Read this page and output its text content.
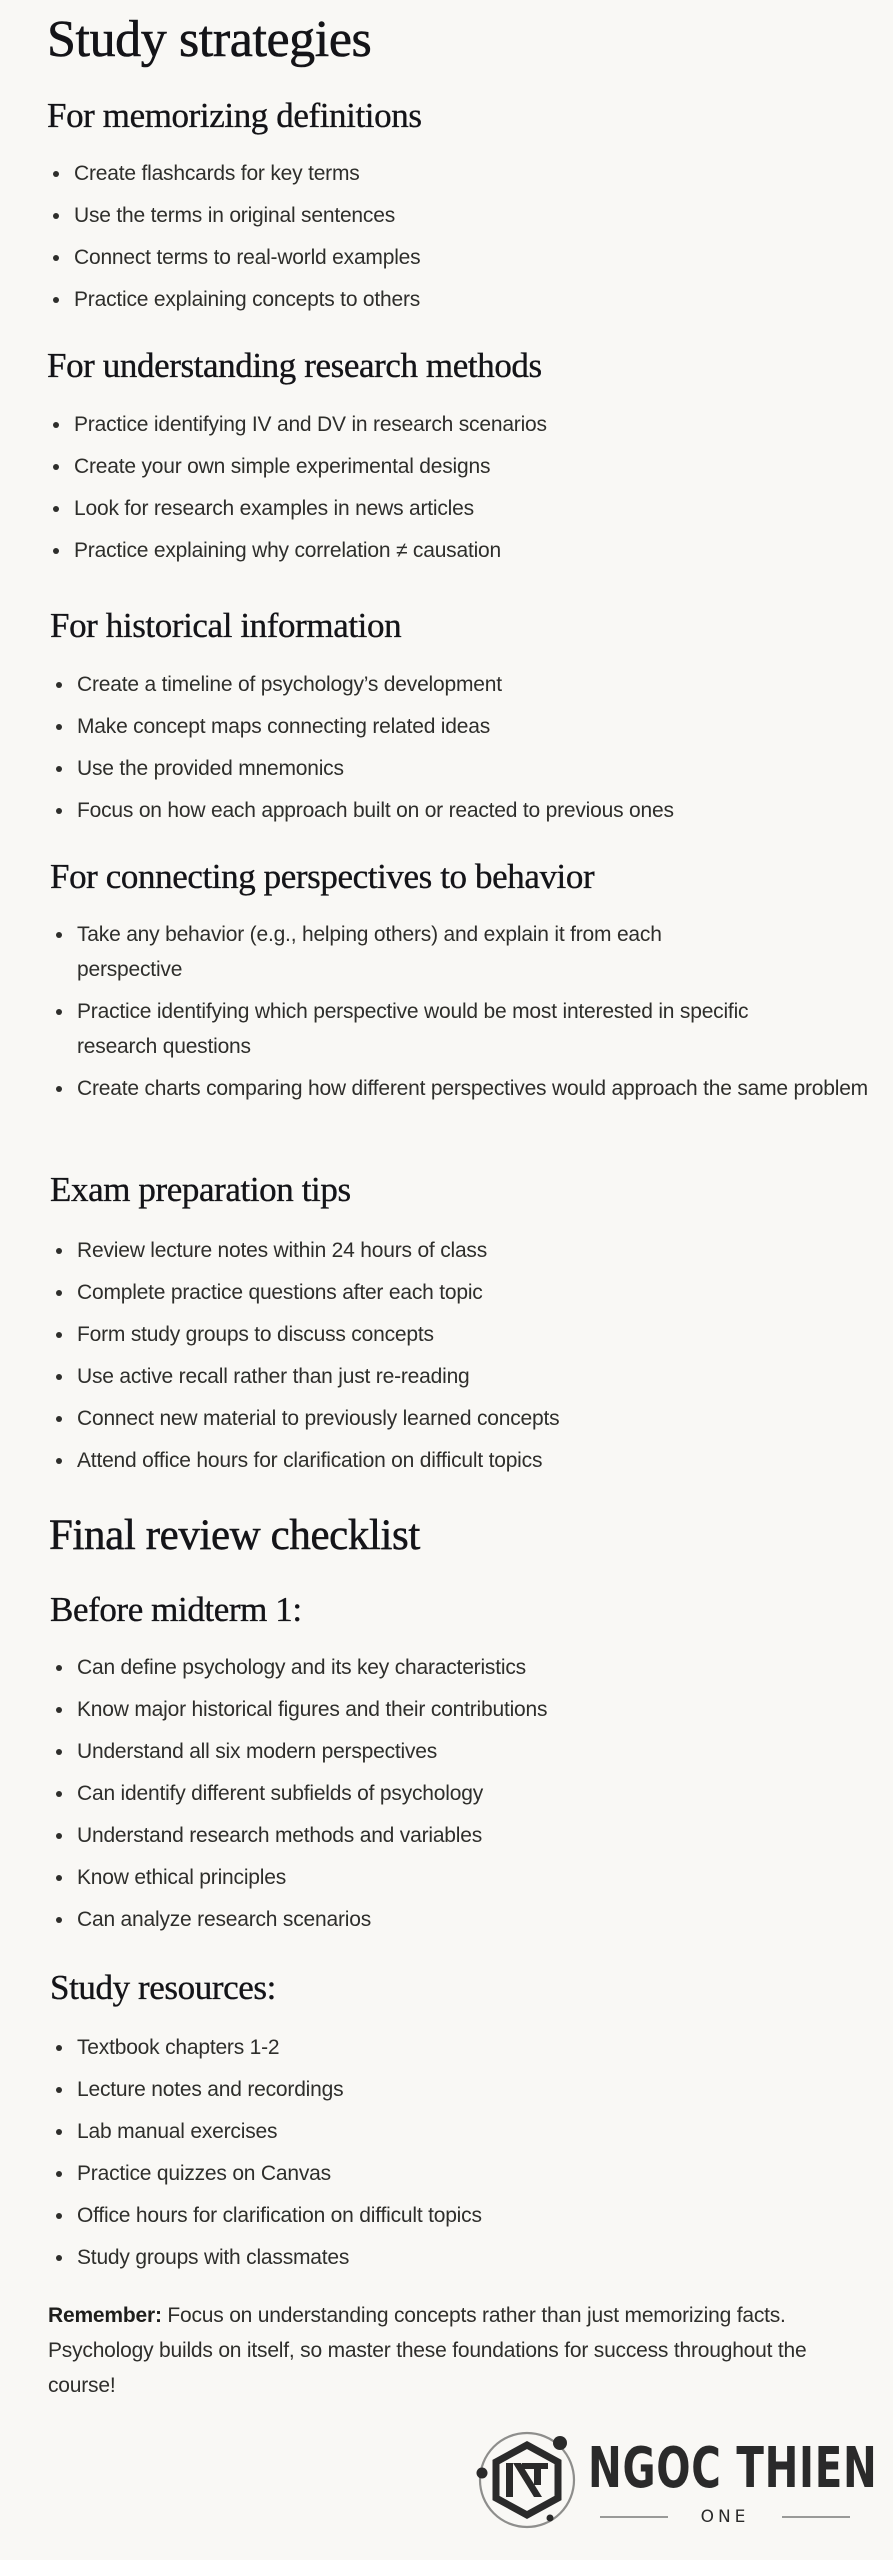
Study strategies
For memorizing definitions
Create flashcards for key terms
Use the terms in original sentences
Connect terms to real-world examples
Practice explaining concepts to others
For understanding research methods
Practice identifying IV and DV in research scenarios
Create your own simple experimental designs
Look for research examples in news articles
Practice explaining why correlation ≠ causation
For historical information
Create a timeline of psychology’s development
Make concept maps connecting related ideas
Use the provided mnemonics
Focus on how each approach built on or reacted to previous ones
For connecting perspectives to behavior
Take any behavior (e.g., helping others) and explain it from each perspective
Practice identifying which perspective would be most interested in specific research questions
Create charts comparing how different perspectives would approach the same problem
Exam preparation tips
Review lecture notes within 24 hours of class
Complete practice questions after each topic
Form study groups to discuss concepts
Use active recall rather than just re-reading
Connect new material to previously learned concepts
Attend office hours for clarification on difficult topics
Final review checklist
Before midterm 1:
Can define psychology and its key characteristics
Know major historical figures and their contributions
Understand all six modern perspectives
Can identify different subfields of psychology
Understand research methods and variables
Know ethical principles
Can analyze research scenarios
Study resources:
Textbook chapters 1-2
Lecture notes and recordings
Lab manual exercises
Practice quizzes on Canvas
Office hours for clarification on difficult topics
Study groups with classmates

Remember: Focus on understanding concepts rather than just memorizing facts. Psychology builds on itself, so master these foundations for success throughout the course!

NGOC THIEN
ONE
